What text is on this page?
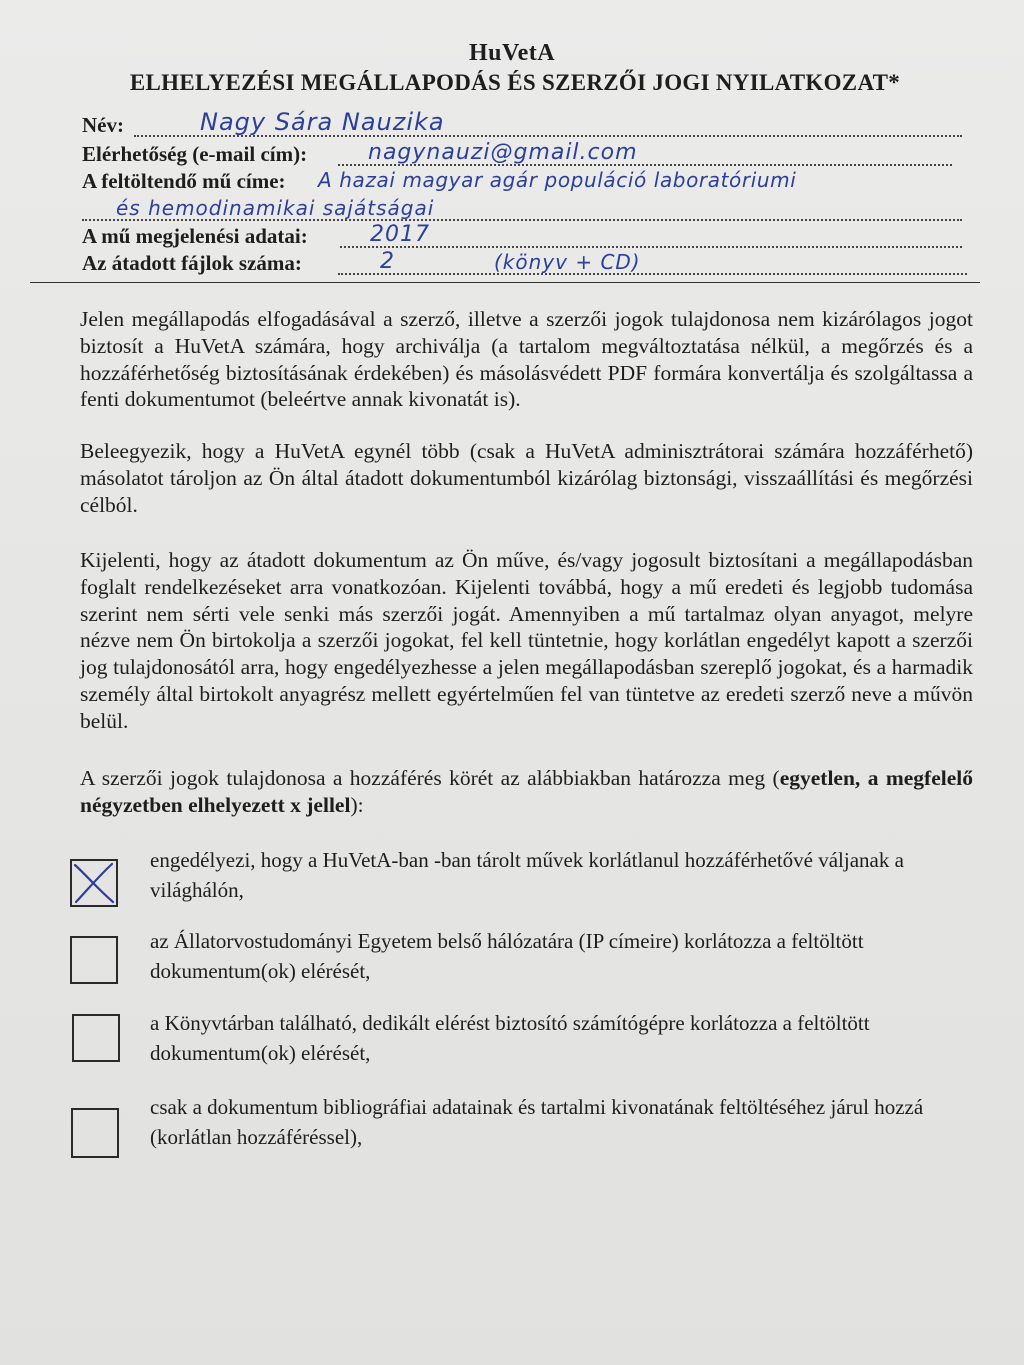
HuVetA
ELHELYEZÉSI MEGÁLLAPODÁS ÉS SZERZŐI JOGI NYILATKOZAT*
Név:	Nagy Sára Nauzika
Elérhetőség (e-mail cím):	nagynauzi@gmail.com
A feltöltendő mű címe: A hazai magyar agár populáció laboratóriumi
és hemodinamikai sajátságai
A mű megjelenési adatai:	2017
Az átadott fájlok száma:	2	(könyv + CD)

Jelen megállapodás elfogadásával a szerző, illetve a szerzői jogok tulajdonosa nem kizárólagos jogot biztosít a HuVetA számára, hogy archiválja (a tartalom megváltoztatása nélkül, a megőrzés és a hozzáférhetőség biztosításának érdekében) és másolásvédett PDF formára konvertálja és szolgáltassa a fenti dokumentumot (beleértve annak kivonatát is).

Beleegyezik, hogy a HuVetA egynél több (csak a HuVetA adminisztrátorai számára hozzáférhető) másolatot tároljon az Ön által átadott dokumentumból kizárólag biztonsági, visszaállítási és megőrzési célból.

Kijelenti, hogy az átadott dokumentum az Ön műve, és/vagy jogosult biztosítani a megállapodásban foglalt rendelkezéseket arra vonatkozóan. Kijelenti továbbá, hogy a mű eredeti és legjobb tudomása szerint nem sérti vele senki más szerzői jogát. Amennyiben a mű tartalmaz olyan anyagot, melyre nézve nem Ön birtokolja a szerzői jogokat, fel kell tüntetnie, hogy korlátlan engedélyt kapott a szerzői jog tulajdonosától arra, hogy engedélyezhesse a jelen megállapodásban szereplő jogokat, és a harmadik személy által birtokolt anyagrész mellett egyértelműen fel van tüntetve az eredeti szerző neve a művön belül.

A szerzői jogok tulajdonosa a hozzáférés körét az alábbiakban határozza meg (egyetlen, a megfelelő négyzetben elhelyezett x jellel):

engedélyezi, hogy a HuVetA-ban -ban tárolt művek korlátlanul hozzáférhetővé váljanak a világhálón,

az Állatorvostudományi Egyetem belső hálózatára (IP címeire) korlátozza a feltöltött dokumentum(ok) elérését,

a Könyvtárban található, dedikált elérést biztosító számítógépre korlátozza a feltöltött dokumentum(ok) elérését,

csak a dokumentum bibliográfiai adatainak és tartalmi kivonatának feltöltéséhez járul hozzá (korlátlan hozzáféréssel),
